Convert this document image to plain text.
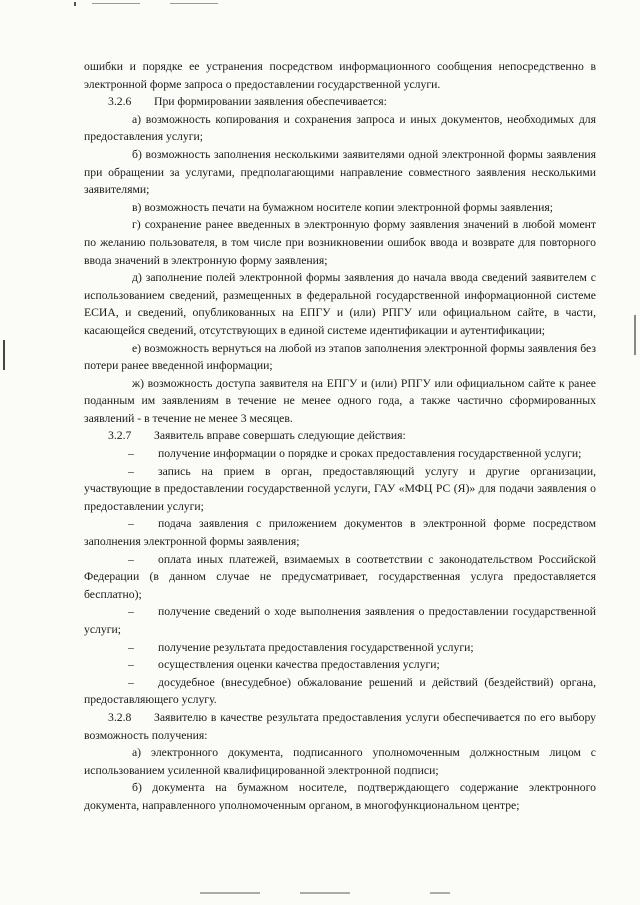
ошибки и порядке ее устранения посредством информационного сообщения непосредственно в электронной форме запроса о предоставлении государственной услуги.

3.2.6 При формировании заявления обеспечивается:

а) возможность копирования и сохранения запроса и иных документов, необходимых для предоставления услуги;

б) возможность заполнения несколькими заявителями одной электронной формы заявления при обращении за услугами, предполагающими направление совместного заявления несколькими заявителями;

в) возможность печати на бумажном носителе копии электронной формы заявления;

г) сохранение ранее введенных в электронную форму заявления значений в любой момент по желанию пользователя, в том числе при возникновении ошибок ввода и возврате для повторного ввода значений в электронную форму заявления;

д) заполнение полей электронной формы заявления до начала ввода сведений заявителем с использованием сведений, размещенных в федеральной государственной информационной системе ЕСИА, и сведений, опубликованных на ЕПГУ и (или) РПГУ или официальном сайте, в части, касающейся сведений, отсутствующих в единой системе идентификации и аутентификации;

е) возможность вернуться на любой из этапов заполнения электронной формы заявления без потери ранее введенной информации;

ж) возможность доступа заявителя на ЕПГУ и (или) РПГУ или официальном сайте к ранее поданным им заявлениям в течение не менее одного года, а также частично сформированных заявлений - в течение не менее 3 месяцев.

3.2.7 Заявитель вправе совершать следующие действия:

– получение информации о порядке и сроках предоставления государственной услуги;

– запись на прием в орган, предоставляющий услугу и другие организации, участвующие в предоставлении государственной услуги, ГАУ «МФЦ РС (Я)» для подачи заявления о предоставлении услуги;

– подача заявления с приложением документов в электронной форме посредством заполнения электронной формы заявления;

– оплата иных платежей, взимаемых в соответствии с законодательством Российской Федерации (в данном случае не предусматривает, государственная услуга предоставляется бесплатно);

– получение сведений о ходе выполнения заявления о предоставлении государственной услуги;

– получение результата предоставления государственной услуги;

– осуществления оценки качества предоставления услуги;

– досудебное (внесудебное) обжалование решений и действий (бездействий) органа, предоставляющего услугу.

3.2.8 Заявителю в качестве результата предоставления услуги обеспечивается по его выбору возможность получения:

а) электронного документа, подписанного уполномоченным должностным лицом с использованием усиленной квалифицированной электронной подписи;

б) документа на бумажном носителе, подтверждающего содержание электронного документа, направленного уполномоченным органом, в многофункциональном центре;
